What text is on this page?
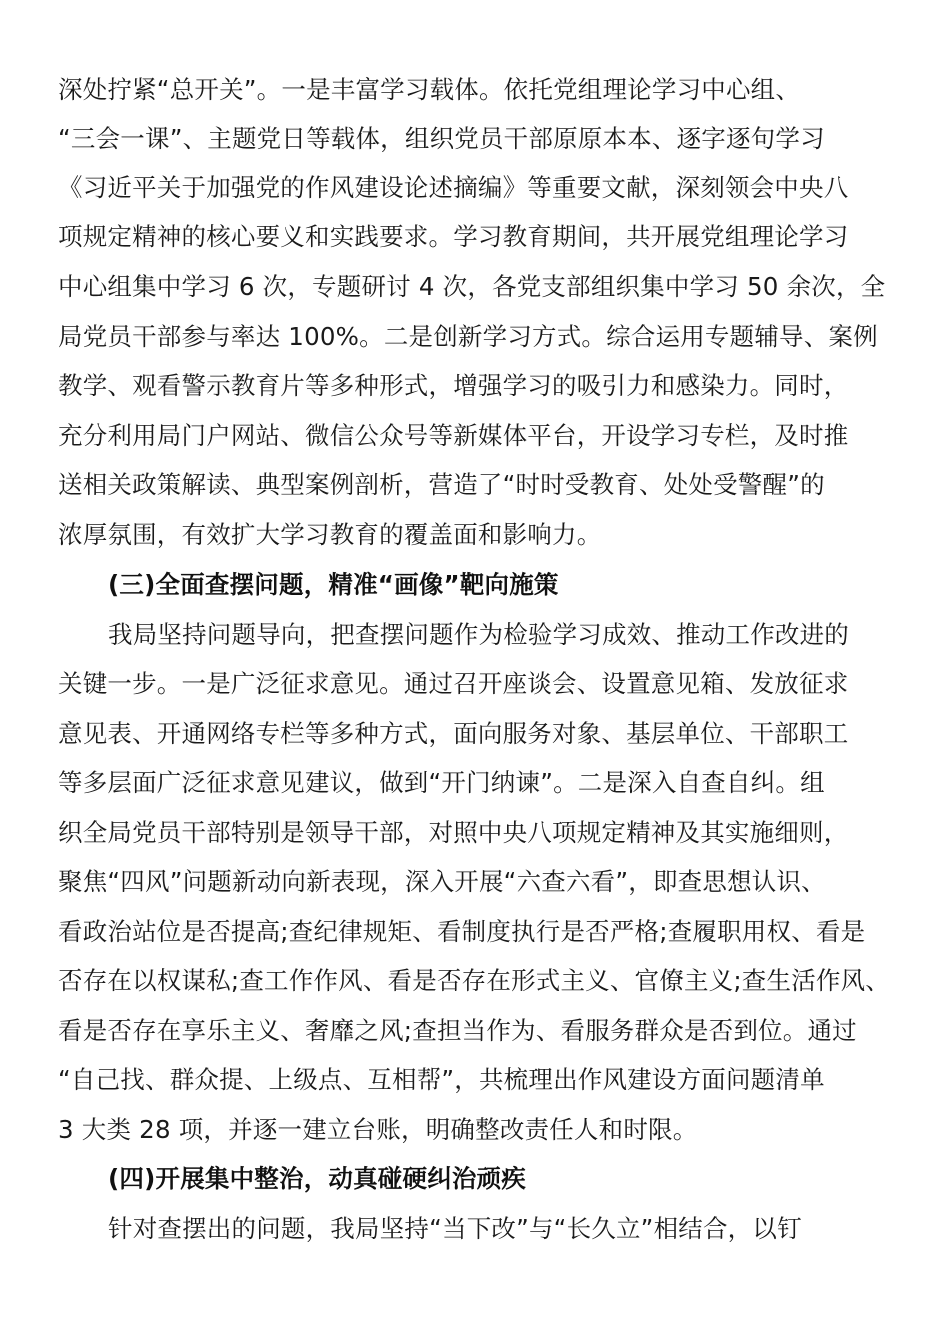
深处拧紧“总开关”。一是丰富学习载体。依托党组理论学习中心组、

“三会一课”、主题党日等载体，组织党员干部原原本本、逐字逐句学习

《习近平关于加强党的作风建设论述摘编》等重要文献，深刻领会中央八

项规定精神的核心要义和实践要求。学习教育期间，共开展党组理论学习

中心组集中学习 6 次，专题研讨 4 次，各党支部组织集中学习 50 余次，全

局党员干部参与率达 100%。二是创新学习方式。综合运用专题辅导、案例

教学、观看警示教育片等多种形式，增强学习的吸引力和感染力。同时，

充分利用局门户网站、微信公众号等新媒体平台，开设学习专栏，及时推

送相关政策解读、典型案例剖析，营造了“时时受教育、处处受警醒”的

浓厚氛围，有效扩大学习教育的覆盖面和影响力。

(三)全面查摆问题，精准“画像”靶向施策

我局坚持问题导向，把查摆问题作为检验学习成效、推动工作改进的

关键一步。一是广泛征求意见。通过召开座谈会、设置意见箱、发放征求

意见表、开通网络专栏等多种方式，面向服务对象、基层单位、干部职工

等多层面广泛征求意见建议，做到“开门纳谏”。二是深入自查自纠。组

织全局党员干部特别是领导干部，对照中央八项规定精神及其实施细则，

聚焦“四风”问题新动向新表现，深入开展“六查六看”，即查思想认识、

看政治站位是否提高;查纪律规矩、看制度执行是否严格;查履职用权、看是

否存在以权谋私;查工作作风、看是否存在形式主义、官僚主义;查生活作风、

看是否存在享乐主义、奢靡之风;查担当作为、看服务群众是否到位。通过

“自己找、群众提、上级点、互相帮”，共梳理出作风建设方面问题清单

3 大类 28 项，并逐一建立台账，明确整改责任人和时限。

(四)开展集中整治，动真碰硬纠治顽疾

针对查摆出的问题，我局坚持“当下改”与“长久立”相结合，以钉
